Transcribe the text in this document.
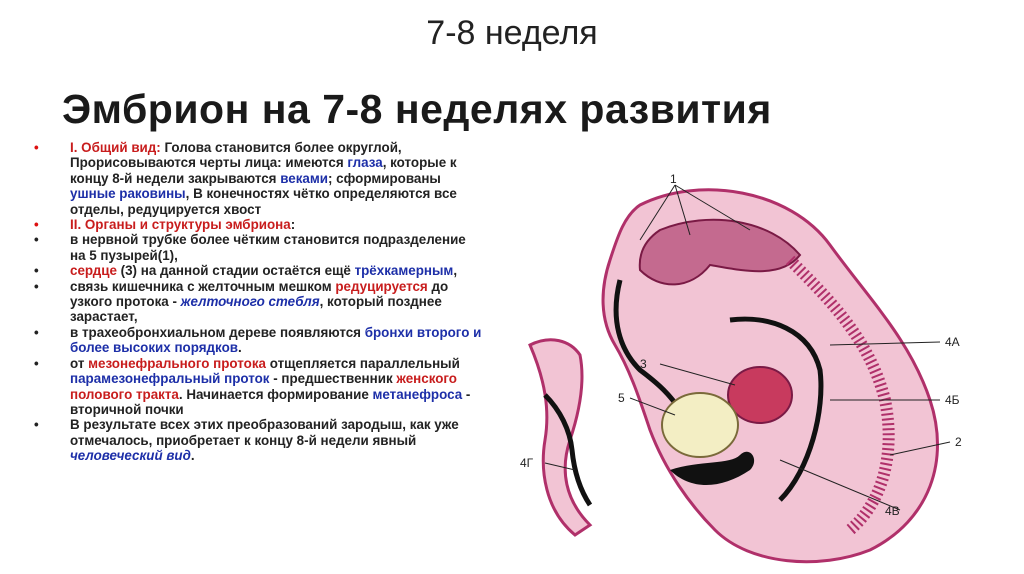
7-8 неделя
Эмбрион на 7-8 неделях развития

• I. Общий вид: Голова становится более округлой, Прорисовываются черты лица: имеются глаза, которые к концу 8-й недели закрываются веками; сформированы ушные раковины, В конечностях чётко определяются все отделы, редуцируется хвост

• II. Органы и структуры эмбриона:

• в нервной трубке более чётким становится подразделение на 5 пузырей(1),

• сердце (3) на данной стадии остаётся ещё трёхкамерным,

• связь кишечника с желточным мешком редуцируется до узкого протока - желточного стебля, который позднее зарастает,

• в трахеобронхиальном дереве появляются бронхи второго и более высоких порядков.

• от мезонефрального протока отщепляется параллельный парамезонефральный проток - предшественник женского полового тракта. Начинается формирование метанефроса - вторичной почки

• В результате всех этих преобразований зародыш, как уже отмечалось, приобретает к концу 8-й недели явный человеческий вид.

1
3
5
4А
4Б
2
4В
4Г
